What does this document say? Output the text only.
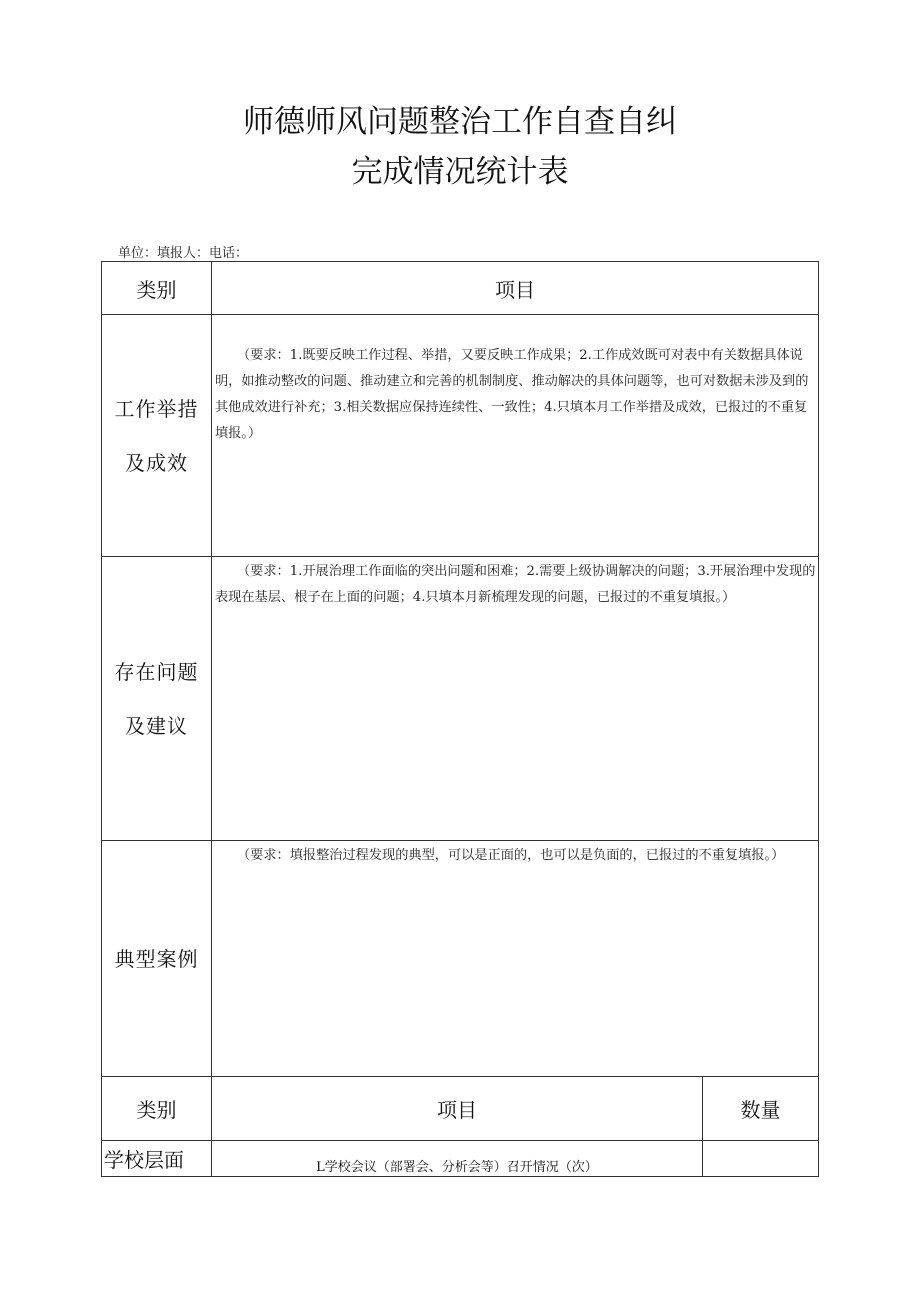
师德师风问题整治工作自查自纠
完成情况统计表
单位：填报人：电话：
类别	项目	

工作举措
及成效	（要求：1.既要反映工作过程、举措，又要反映工作成果；2.工作成效既可对表中有关数据具体说明，如推动整改的问题、推动建立和完善的机制制度、推动解决的具体问题等，也可对数据未涉及到的其他成效进行补充；3.相关数据应保持连续性、一致性；4.只填本月工作举措及成效，已报过的不重复填报。）	

存在问题
及建议	（要求：1.开展治理工作面临的突出问题和困难；2.需要上级协调解决的问题；3.开展治理中发现的表现在基层、根子在上面的问题；4.只填本月新梳理发现的问题，已报过的不重复填报。）	

典型案例	（要求：填报整治过程发现的典型，可以是正面的，也可以是负面的，已报过的不重复填报。）	
类别	项目	数量
学校层面	L学校会议（部署会、分析会等）召开情况（次）	
